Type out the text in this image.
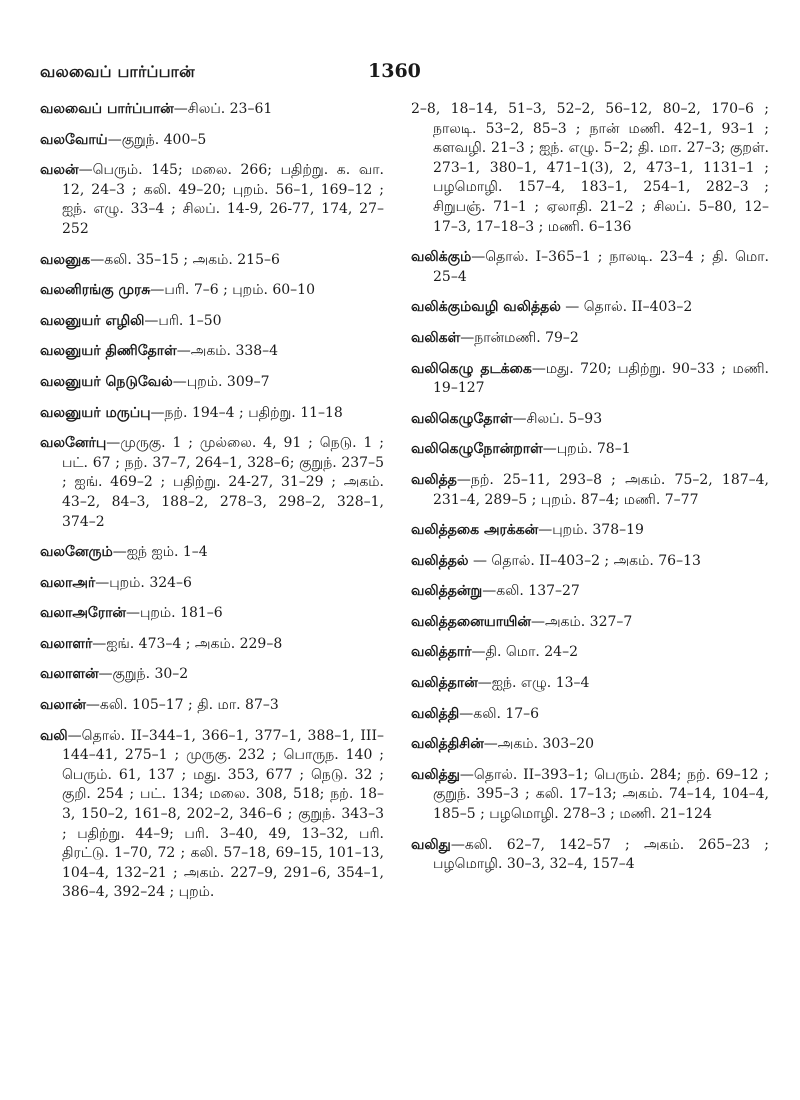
வலவைப் பார்ப்பான்	1360

வலவைப் பார்ப்பான்—சிலப். 23–61

வலவோய்—குறுந். 400–5

வலன்—பெரும். 145; மலை. 266; பதிற்று. க. வா. 12, 24–3 ; கலி. 49–20; புறம். 56–1, 169–12 ; ஐந். எழு. 33–4 ; சிலப். 14-9, 26-77, 174, 27–252

வலனுக—கலி. 35–15 ; அகம். 215–6

வலனிரங்கு முரசு—பரி. 7–6 ; புறம். 60–10

வலனுயர் எழிலி—பரி. 1–50

வலனுயர் திணிதோள்—அகம். 338–4

வலனுயர் நெடுவேல்—புறம். 309–7

வலனுயர் மருப்பு—நற். 194–4 ; பதிற்று. 11–18

வலனேர்பு—முருகு. 1 ; முல்லை. 4, 91 ; நெடு. 1 ; பட். 67 ; நற். 37–7, 264–1, 328–6; குறுந். 237–5 ; ஐங். 469–2 ; பதிற்று. 24-27, 31–29 ; அகம். 43–2, 84–3, 188–2, 278–3, 298–2, 328–1, 374–2

வலனேரும்—ஐந் ஐம். 1–4

வலாஅர்—புறம். 324–6

வலாஅரோன்—புறம். 181–6

வலாளர்—ஐங். 473–4 ; அகம். 229–8

வலாளன்—குறுந். 30–2

வலான்—கலி. 105–17 ; தி. மா. 87–3

வலி—தொல். II–344–1, 366–1, 377–1, 388–1, III–144–41, 275–1 ; முருகு. 232 ; பொருந. 140 ; பெரும். 61, 137 ; மது. 353, 677 ; நெடு. 32 ; குறி. 254 ; பட். 134; மலை. 308, 518; நற். 18–3, 150–2, 161–8, 202–2, 346–6 ; குறுந். 343–3 ; பதிற்று. 44–9; பரி. 3–40, 49, 13–32, பரி. திரட்டு. 1–70, 72 ; கலி. 57–18, 69–15, 101–13, 104–4, 132–21 ; அகம். 227–9, 291–6, 354–1, 386–4, 392–24 ; புறம்.

2–8, 18–14, 51–3, 52–2, 56–12, 80–2, 170–6 ; நாலடி. 53–2, 85–3 ; நான் மணி. 42–1, 93–1 ; களவழி. 21–3 ; ஐந். எழு. 5–2; தி. மா. 27–3; குறள். 273–1, 380–1, 471–1(3), 2, 473–1, 1131–1 ; பழமொழி. 157–4, 183–1, 254–1, 282–3 ; சிறுபஞ். 71–1 ; ஏலாதி. 21–2 ; சிலப். 5–80, 12–17–3, 17–18–3 ; மணி. 6–136

வலிக்கும்—தொல். I–365–1 ; நாலடி. 23–4 ; தி. மொ. 25–4

வலிக்கும்வழி வலித்தல் — தொல். II–403–2

வலிகள்—நான்மணி. 79–2

வலிகெழு தடக்கை—மது. 720; பதிற்று. 90–33 ; மணி. 19–127

வலிகெழுதோள்—சிலப். 5–93

வலிகெழுநோன்றாள்—புறம். 78–1

வலித்த—நற். 25–11, 293–8 ; அகம். 75–2, 187–4, 231–4, 289–5 ; புறம். 87–4; மணி. 7–77

வலித்தகை அரக்கன்—புறம். 378–19

வலித்தல் — தொல். II–403–2 ; அகம். 76–13

வலித்தன்று—கலி. 137–27

வலித்தனையாயின்—அகம். 327–7

வலித்தார்—தி. மொ. 24–2

வலித்தான்—ஐந். எழு. 13–4

வலித்தி—கலி. 17–6

வலித்திசின்—அகம். 303–20

வலித்து—தொல். II–393–1; பெரும். 284; நற். 69–12 ; குறுந். 395–3 ; கலி. 17–13; அகம். 74–14, 104–4, 185–5 ; பழமொழி. 278–3 ; மணி. 21–124

வலிது—கலி. 62–7, 142–57 ; அகம். 265–23 ; பழமொழி. 30–3, 32–4, 157–4
